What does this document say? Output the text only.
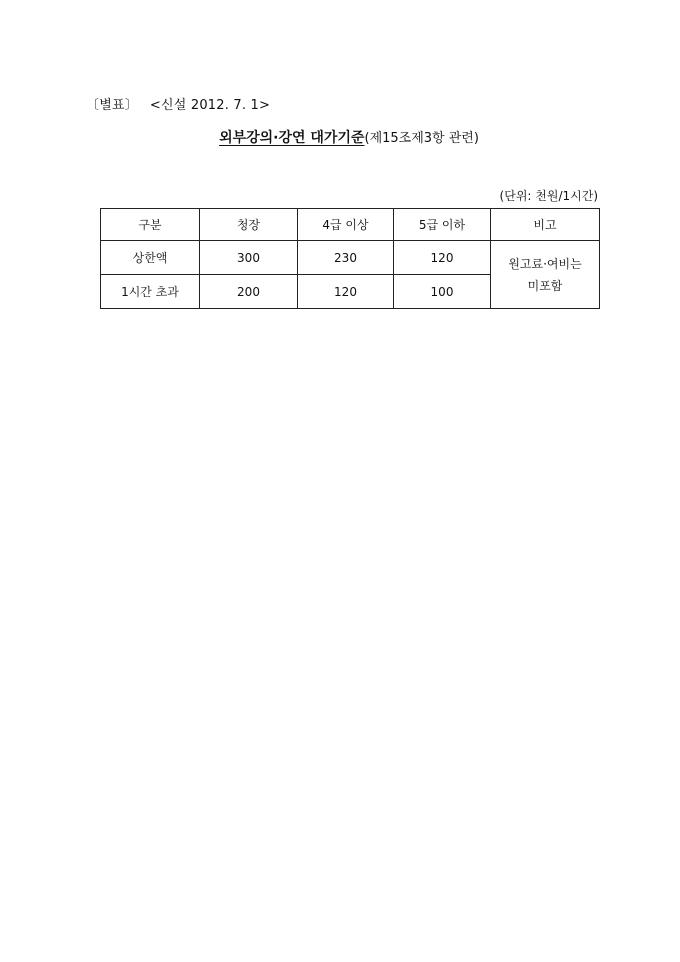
〔별표〕 <신설 2012. 7. 1>
외부강의·강연 대가기준(제15조제3항 관련)
(단위: 천원/1시간)
구분	청장	4급 이상	5급 이하	비고
상한액	300	230	120	원고료·여비는
미포함

1시간 초과	200	120	100	
